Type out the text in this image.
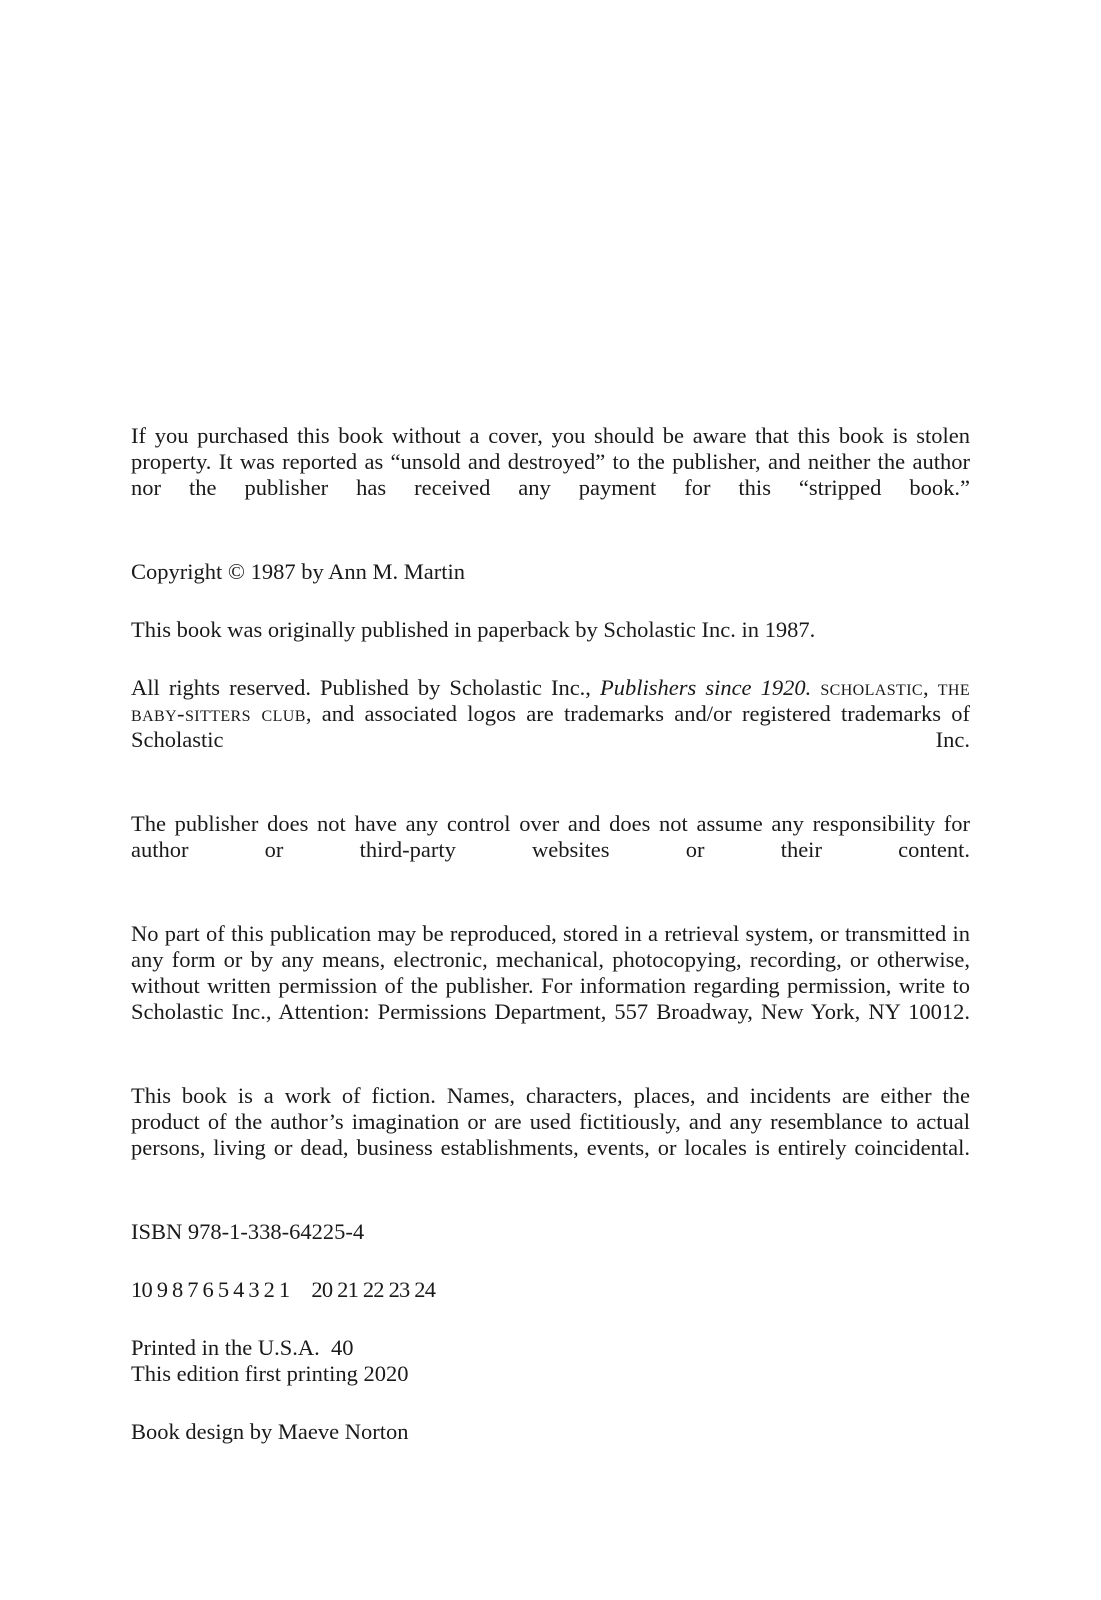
If you purchased this book without a cover, you should be aware that this book is stolen property. It was reported as “unsold and destroyed” to the publisher, and neither the author nor the publisher has received any payment for this “stripped book.”

Copyright © 1987 by Ann M. Martin

This book was originally published in paperback by Scholastic Inc. in 1987.

All rights reserved. Published by Scholastic Inc., Publishers since 1920. scholastic, the baby-sitters club, and associated logos are trademarks and/or registered trademarks of Scholastic Inc.

The publisher does not have any control over and does not assume any responsibility for author or third-party websites or their content.

No part of this publication may be reproduced, stored in a retrieval system, or transmitted in any form or by any means, electronic, mechanical, photocopying, recording, or otherwise, without written permission of the publisher. For information regarding permission, write to Scholastic Inc., Attention: Permissions Department, 557 Broadway, New York, NY 10012.

This book is a work of fiction. Names, characters, places, and incidents are either the product of the author’s imagination or are used fictitiously, and any resemblance to actual persons, living or dead, business establishments, events, or locales is entirely coincidental.

ISBN 978-1-338-64225-4

10 9 8 7 6 5 4 3 2 1 20 21 22 23 24

Printed in the U.S.A.  40
This edition first printing 2020

Book design by Maeve Norton
